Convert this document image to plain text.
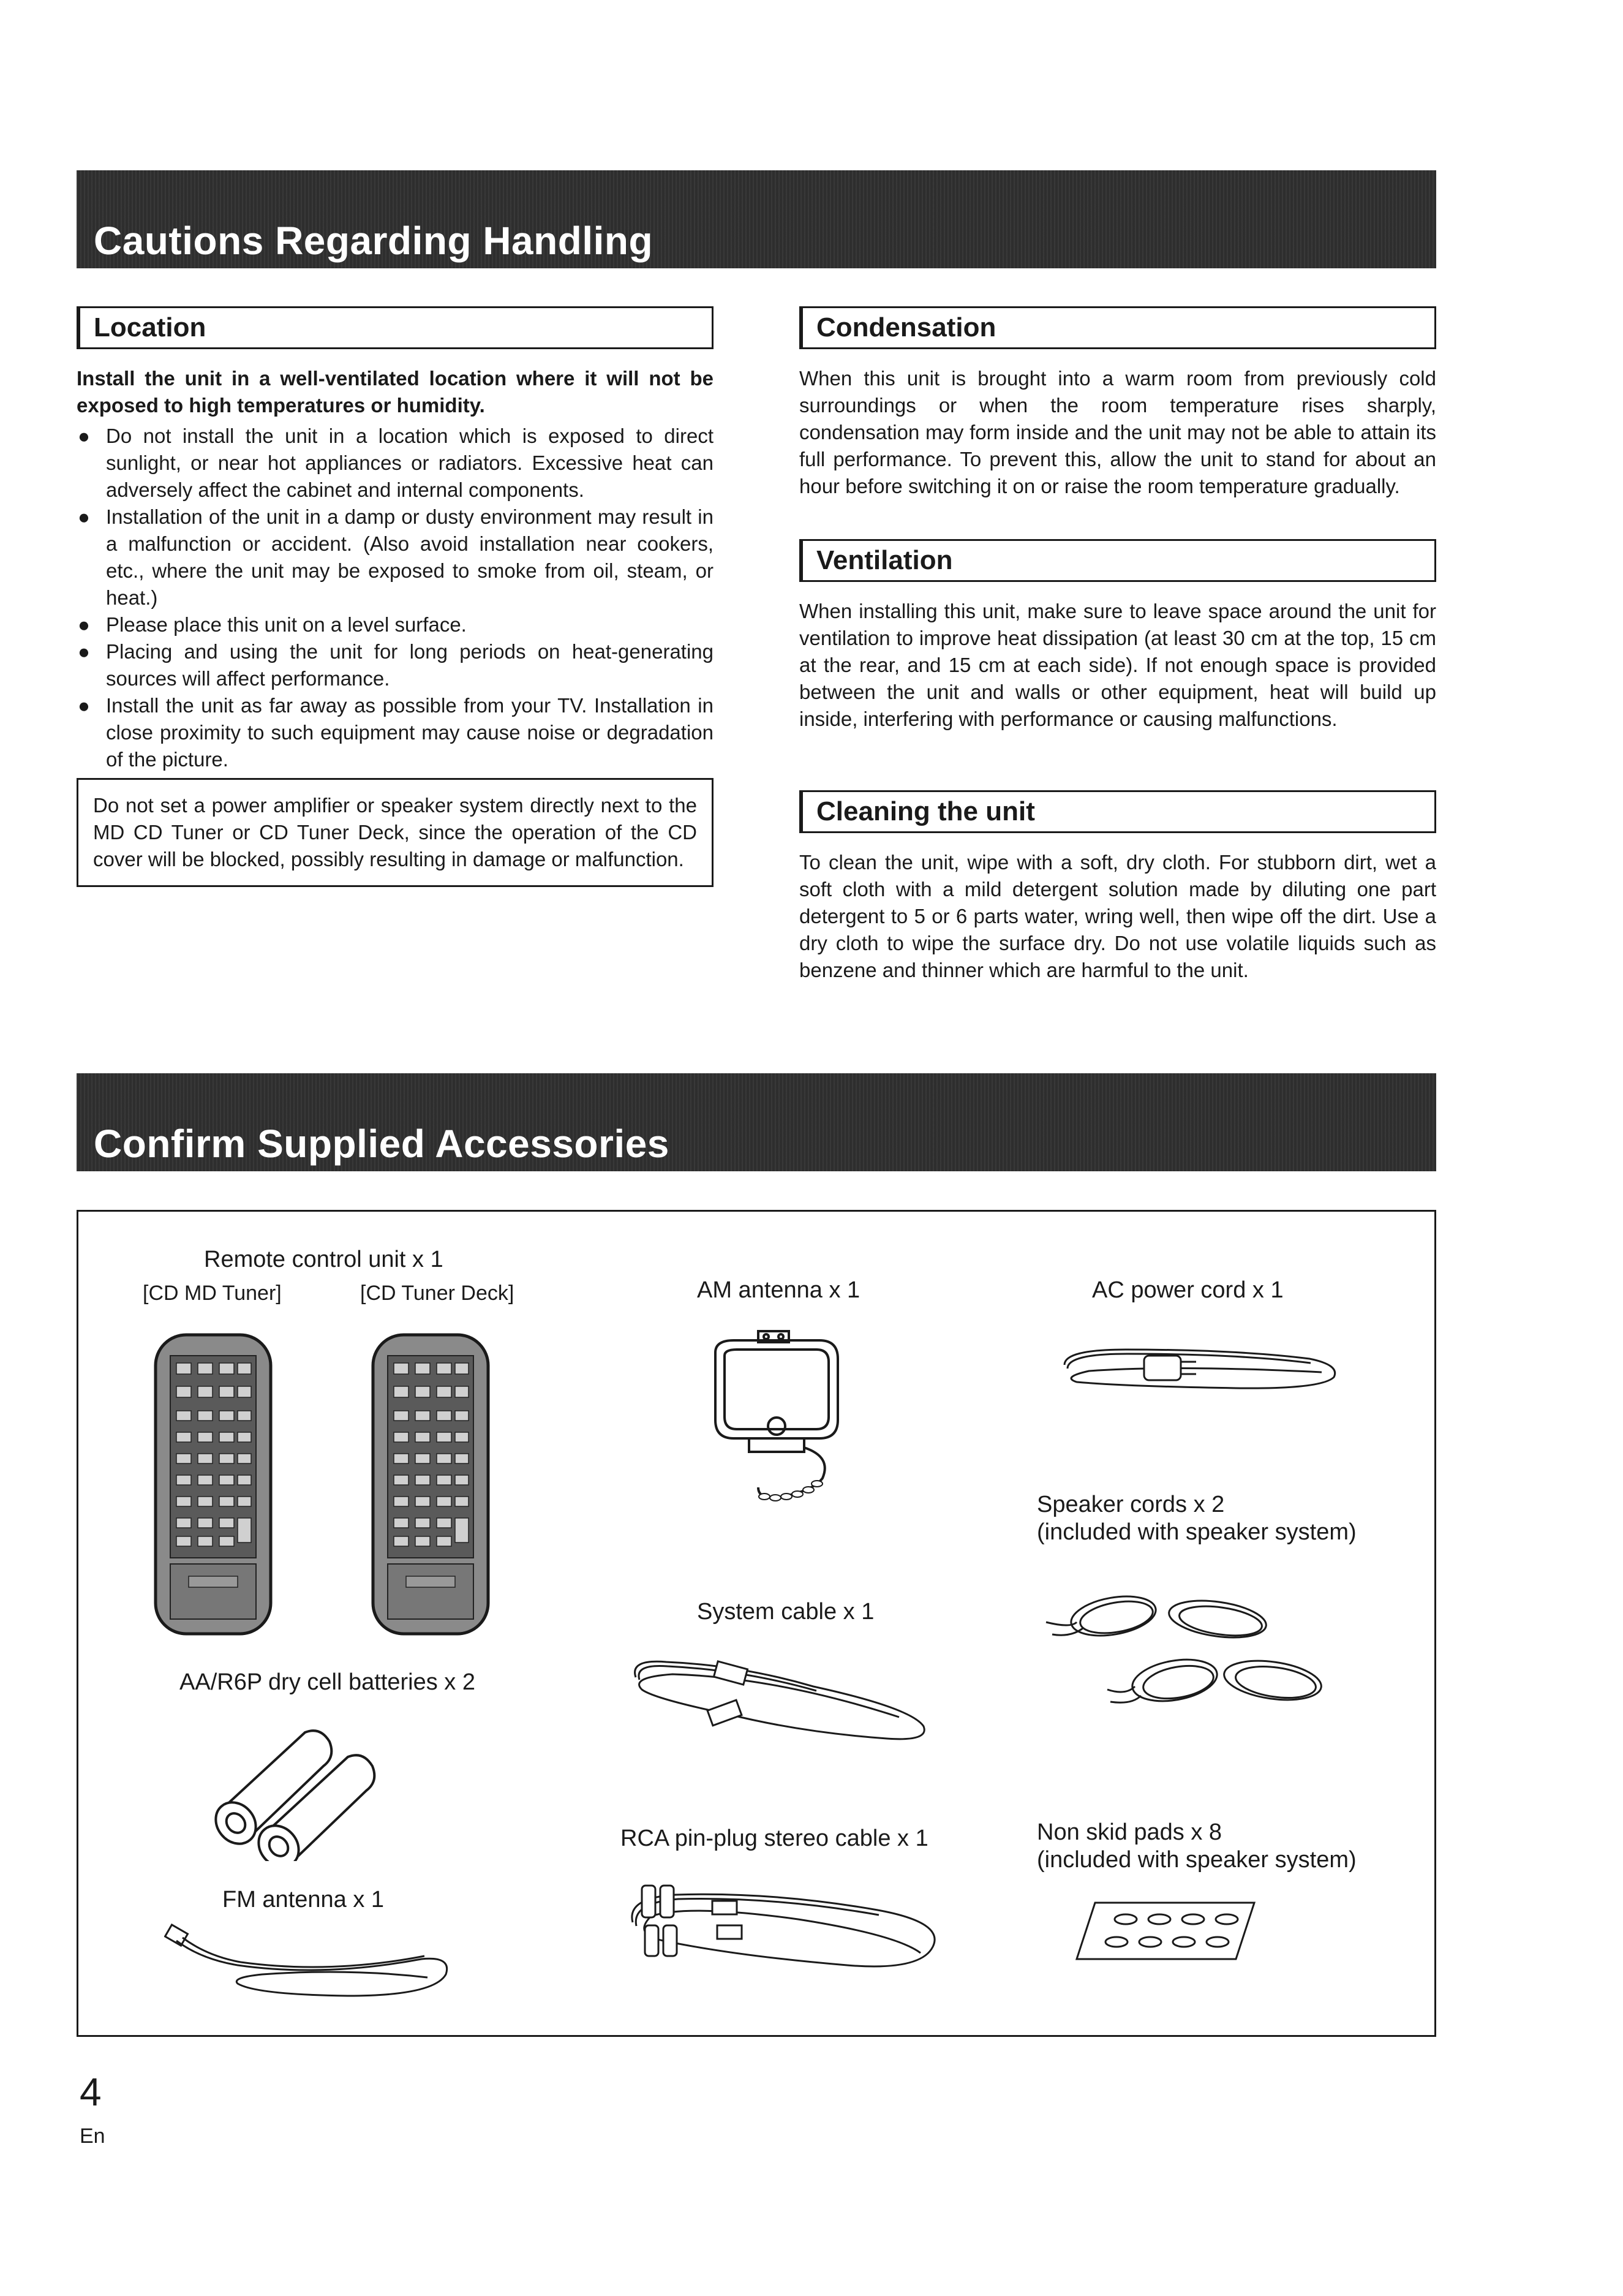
Cautions Regarding Handling
Location

Install the unit in a well-ventilated location where it will not be exposed to high temperatures or humidity.

● Do not install the unit in a location which is exposed to direct sunlight, or near hot appliances or radiators. Excessive heat can adversely affect the cabinet and internal components.
● Installation of the unit in a damp or dusty environment may result in a malfunction or accident. (Also avoid installation near cookers, etc., where the unit may be exposed to smoke from oil, steam, or heat.)
● Please place this unit on a level surface.
● Placing and using the unit for long periods on heat-generating sources will affect performance.
● Install the unit as far away as possible from your TV. Installation in close proximity to such equipment may cause noise or degradation of the picture.
Do not set a power amplifier or speaker system directly next to the MD CD Tuner or CD Tuner Deck, since the operation of the CD cover will be blocked, possibly resulting in damage or malfunction.
Condensation

When this unit is brought into a warm room from previously cold surroundings or when the room temperature rises sharply, condensation may form inside and the unit may not be able to attain its full performance. To prevent this, allow the unit to stand for about an hour before switching it on or raise the room temperature gradually.

Ventilation

When installing this unit, make sure to leave space around the unit for ventilation to improve heat dissipation (at least 30 cm at the top, 15 cm at the rear, and 15 cm at each side). If not enough space is provided between the unit and walls or other equipment, heat will build up inside, interfering with performance or causing malfunctions.

Cleaning the unit

To clean the unit, wipe with a soft, dry cloth. For stubborn dirt, wet a soft cloth with a mild detergent solution made by diluting one part detergent to 5 or 6 parts water, wring well, then wipe off the dirt. Use a dry cloth to wipe the surface dry. Do not use volatile liquids such as benzene and thinner which are harmful to the unit.

Confirm Supplied Accessories
Remote control unit x 1
[CD MD Tuner]	[CD Tuner Deck]
AA/R6P dry cell batteries x 2
FM antenna x 1
AM antenna x 1
System cable x 1
RCA pin-plug stereo cable x 1
AC power cord x 1
Speaker cords x 2
(included with speaker system)
Non skid pads x 8
(included with speaker system)
4
En
